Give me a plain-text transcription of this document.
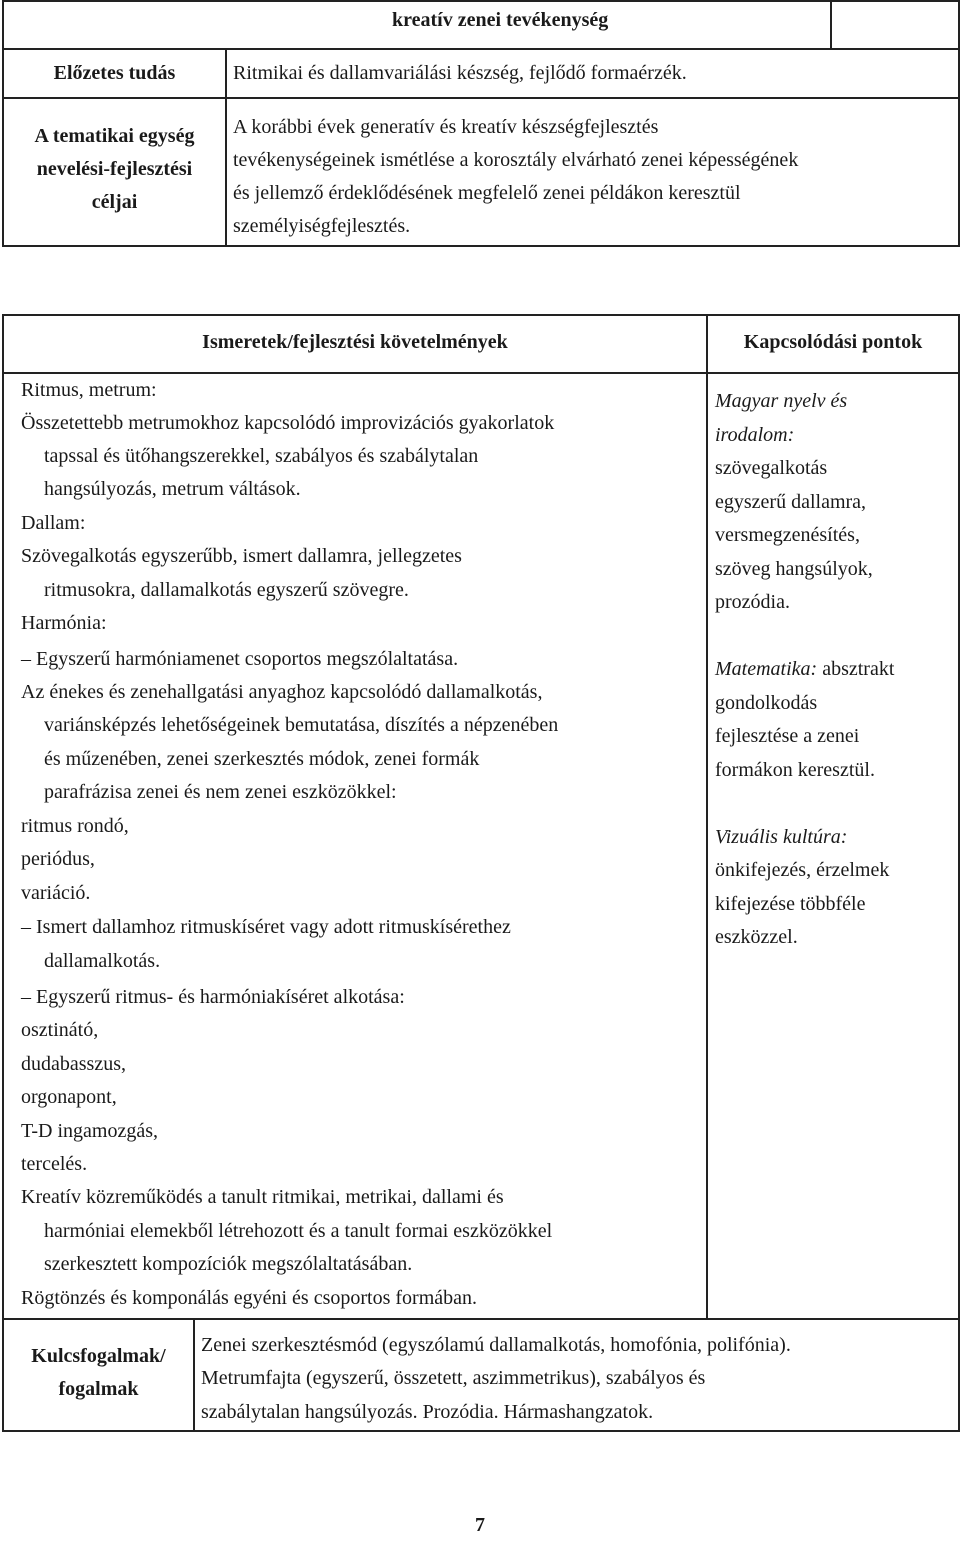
kreatív zenei tevékenység
Előzetes tudás	Ritmikai és dallamvariálási készség, fejlődő formaérzék.
A tematikai egység
nevelési-fejlesztési
céljai
A korábbi évek generatív és kreatív készségfejlesztés
tevékenységeinek ismétlése a korosztály elvárható zenei képességének
és jellemző érdeklődésének megfelelő zenei példákon keresztül
személyiségfejlesztés.
Ismeretek/fejlesztési követelmények	Kapcsolódási pontok
Ritmus, metrum:
Összetettebb metrumokhoz kapcsolódó improvizációs gyakorlatok
tapssal és ütőhangszerekkel, szabályos és szabálytalan
hangsúlyozás, metrum váltások.
Dallam:
Szövegalkotás egyszerűbb, ismert dallamra, jellegzetes
ritmusokra, dallamalkotás egyszerű szövegre.
Harmónia:
– Egyszerű harmóniamenet csoportos megszólaltatása.
Az énekes és zenehallgatási anyaghoz kapcsolódó dallamalkotás,
variánsképzés lehetőségeinek bemutatása, díszítés a népzenében
és műzenében, zenei szerkesztés módok, zenei formák
parafrázisa zenei és nem zenei eszközökkel:
ritmus rondó,
periódus,
variáció.
– Ismert dallamhoz ritmuskíséret vagy adott ritmuskísérethez
dallamalkotás.
– Egyszerű ritmus- és harmóniakíséret alkotása:
osztinátó,
dudabasszus,
orgonapont,
T-D ingamozgás,
tercelés.
Kreatív közreműködés a tanult ritmikai, metrikai, dallami és
harmóniai elemekből létrehozott és a tanult formai eszközökkel
szerkesztett kompozíciók megszólaltatásában.
Rögtönzés és komponálás egyéni és csoportos formában.
Magyar nyelv és
irodalom:
szövegalkotás
egyszerű dallamra,
versmegzenésítés,
szöveg hangsúlyok,
prozódia.
Matematika: absztrakt
gondolkodás
fejlesztése a zenei
formákon keresztül.
Vizuális kultúra:
önkifejezés, érzelmek
kifejezése többféle
eszközzel.
Kulcsfogalmak/
fogalmak
Zenei szerkesztésmód (egyszólamú dallamalkotás, homofónia, polifónia).
Metrumfajta (egyszerű, összetett, aszimmetrikus), szabályos és
szabálytalan hangsúlyozás. Prozódia. Hármashangzatok.
7
